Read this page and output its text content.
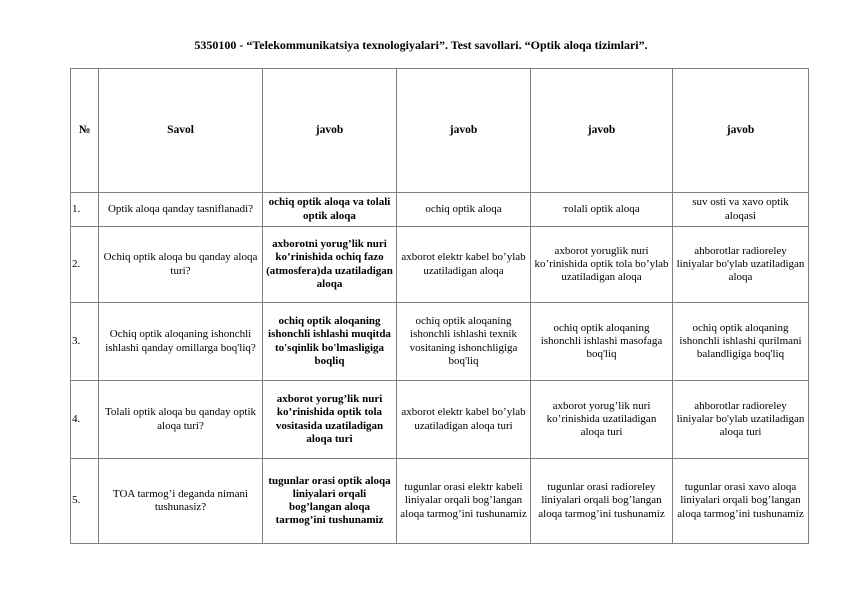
5350100 - “Telekommunikatsiya texnologiyalari”. Test savollari. “Optik aloqa tizimlari”.
№	Savol	javob	javob	javob	javob
1.	Optik aloqa qanday tasniflanadi?	ochiq optik aloqa va tolali optik aloqa	ochiq optik aloqa	тolali optik aloqa	suv osti va xavo optik aloqasi
2.	Ochiq optik aloqa bu qanday aloqa turi?	axborotni yorug’lik nuri ko’rinishida ochiq fazo (atmosfera)da uzatiladigan aloqa	axborot elektr kabel bo’ylab uzatiladigan aloqa	axborot yoruglik nuri ko’rinishida optik tola bo’ylab uzatiladigan aloqa	ahborotlar radioreley liniyalar bo'ylab uzatiladigan aloqa
3.	Ochiq optik aloqaning ishonchli ishlashi qanday omillarga boq'liq?	ochiq optik aloqaning ishonchli ishlashi muqitda to'sqinlik bo'lmasligiga boqliq	ochiq optik aloqaning ishonchli ishlashi texnik vositaning ishonchligiga boq'liq	ochiq optik aloqaning ishonchli ishlashi masofaga boq'liq	ochiq optik aloqaning ishonchli ishlashi qurilmani balandligiga boq'liq
4.	Tolali optik aloqa bu qanday optik aloqa turi?	axborot yorug’lik nuri ko’rinishida optik tola vositasida uzatiladigan aloqa turi	axborot elektr kabel bo’ylab uzatiladigan aloqa turi	axborot yorug’lik nuri ko’rinishida uzatiladigan aloqa turi	ahborotlar radioreley liniyalar bo'ylab uzatiladigan aloqa turi
5.	TOA tarmog’i deganda nimani tushunasiz?	tugunlar orasi optik aloqa liniyalari orqali bog’langan aloqa tarmog’ini tushunamiz	tugunlar orasi elektr kabeli liniyalar orqali bog’langan aloqa tarmog’ini tushunamiz	tugunlar orasi radioreley liniyalari orqali bog’langan aloqa tarmog’ini tushunamiz	tugunlar orasi xavo aloqa liniyalari orqali bog’langan aloqa tarmog’ini tushunamiz
